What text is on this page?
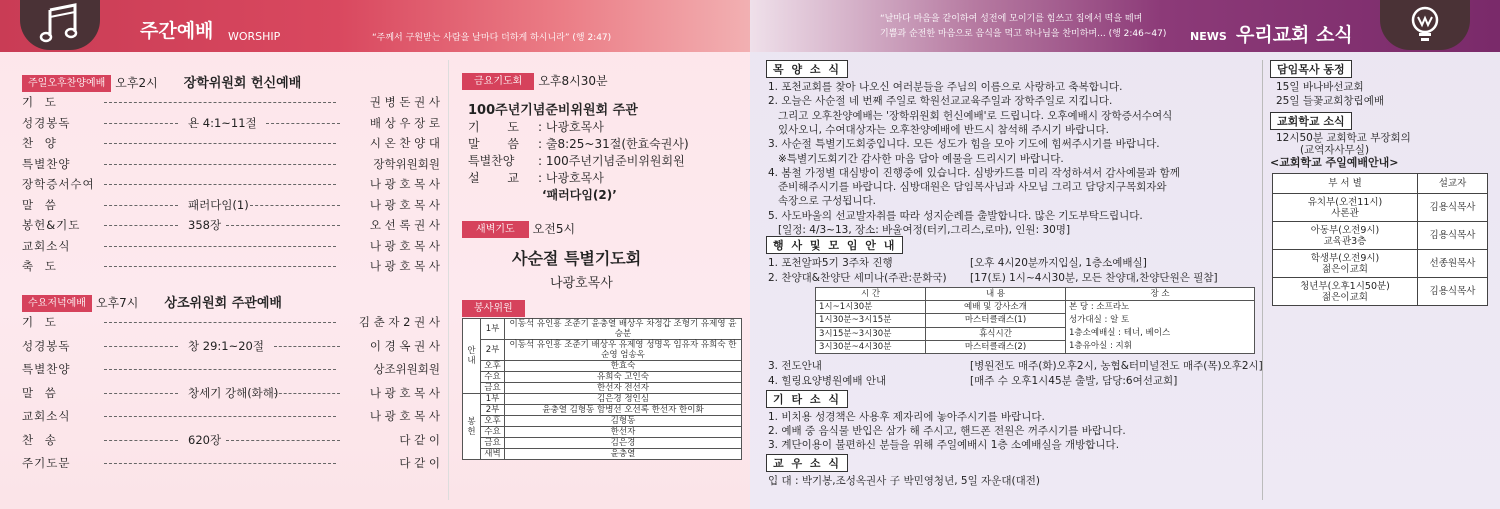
주간예배 WORSHIP	“주께서 구원받는 사람을 날마다 더하게 하시니라” (행 2:47)
“날마다 마음을 같이하여 성전에 모이기를 힘쓰고 집에서 떡을 떼며
기쁨과 순전한 마음으로 음식을 먹고 하나님을 찬미하며... (행 2:46~47) NEWS 우리교회 소식
주일오후찬양예배 오후2시 장학위원회 헌신예배
기 도	권 병 돈 권 사
성경봉독	욘 4:1~11절	배 상 우 장 로
찬 양	시 온 찬 양 대
특별찬양	장학위원회원
장학증서수여	나 광 호 목 사
말 씀	패러다임(1)	나 광 호 목 사
봉헌&기도	358장	오 선 록 권 사
교회소식	나 광 호 목 사
축 도	나 광 호 목 사
수요저녁예배 오후7시 상조위원회 주관예배
기 도	김 춘 자 2 권 사
성경봉독	창 29:1~20절	이 경 옥 권 사
특별찬양	상조위원회원
말 씀	창세기 강해(화해)	나 광 호 목 사
교회소식	나 광 호 목 사
찬 송	620장	다 같 이
주기도문	다 같 이
금요기도회 오후8시30분
100주년기념준비위원회 주관
기 도 : 나광호목사
말 씀 : 출8:25~31절(한효숙권사)
특별찬양 : 100주년기념준비위원회원
설 교 : 나광호목사
‘패러다임(2)’
새벽기도 오전5시
사순절 특별기도회
나광호목사
봉사위원
안내	1부	이동석 유인흥 조준기 윤충열 배상우 차정갑 조형기 유제영 윤승분
	2부	이동석 유인흥 조준기 배상우 유제영 성명옥 임유자 유희숙 한순영 엄송옥
	오후	한효숙
	수요	유희숙 고인숙
	금요	한선자 전선자
봉헌	1부	김은경 정인심
	2부	윤충열 김형동 함병선 오선록 한선자 한이화
	오후	김형동
	수요	한선자
	금요	김은경
	새벽	윤충열
목 양 소 식
1. 포천교회를 찾아 나오신 여러분들을 주님의 이름으로 사랑하고 축복합니다.
2. 오늘은 사순절 네 번째 주일로 학원선교교육주일과 장학주일로 지킵니다.
그리고 오후찬양예배는 '장학위원회 헌신예배'로 드립니다. 오후예배시 장학증서수여식
있사오니, 수여대상자는 오후찬양예배에 반드시 참석해 주시기 바랍니다.
3. 사순절 특별기도회중입니다. 모든 성도가 힘을 모아 기도에 힘써주시기를 바랍니다.
※특별기도회기간 감사한 마음 담아 예물을 드리시기 바랍니다.
4. 봄철 가정별 대심방이 진행중에 있습니다. 심방카드를 미리 작성하셔서 감사예물과 함께
준비해주시기를 바랍니다. 심방대원은 담임목사님과 사모님 그리고 담당지구목회자와
속장으로 구성됩니다.
5. 사도바울의 선교발자취를 따라 성지순례를 출발합니다. 많은 기도부탁드립니다.
[일정: 4/3~13, 장소: 바울여정(터키,그리스,로마), 인원: 30명]
행 사 및 모 임 안 내
1. 포천알파5기 3주차 진행	[오후 4시20분까지입실, 1층소예배실]
2. 찬양대&찬양단 세미나(주관:문화국) [17(토) 1시~4시30분, 모든 찬양대,찬양단원은 필참]
시 간	내 용	장 소
1시~1시30분	예배 및 강사소개	본 당 : 소프라노
성가대실 : 알 토
1층소예배실 : 테너, 베이스
1층유아실 : 지휘

1시30분~3시15분	마스터클래스(1)	
3시15분~3시30분	휴식시간	
3시30분~4시30분	마스터클래스(2)	
3. 전도안내	[병원전도 매주(화)오후2시, 농협&터미널전도 매주(목)오후2시]
4. 힐링요양병원예배 안내	[매주 수 오후1시45분 출발, 담당:6여선교회]
기 타 소 식
1. 비치용 성경책은 사용후 제자리에 놓아주시기를 바랍니다.
2. 예배 중 음식물 반입은 삼가 해 주시고, 핸드폰 전원은 꺼주시기를 바랍니다.
3. 계단이용이 불편하신 분들을 위해 주일예배시 1층 소예배실을 개방합니다.
교 우 소 식
입 대 : 박기봉,조성옥권사 子 박민영청년, 5일 자운대(대전)
담임목사 동정
15일 바나바선교회
25일 들꽃교회창립예배
교회학교 소식
12시50분 교회학교 부장회의
(교역자사무실)
<교회학교 주일예배안내>
부 서 별	설교자

유치부(오전11시)
사론관	김용식목사

아동부(오전9시)
교육관3층	김용식목사

학생부(오전9시)
젊은이교회	선종원목사

청년부(오후1시50분)
젊은이교회	김용식목사
